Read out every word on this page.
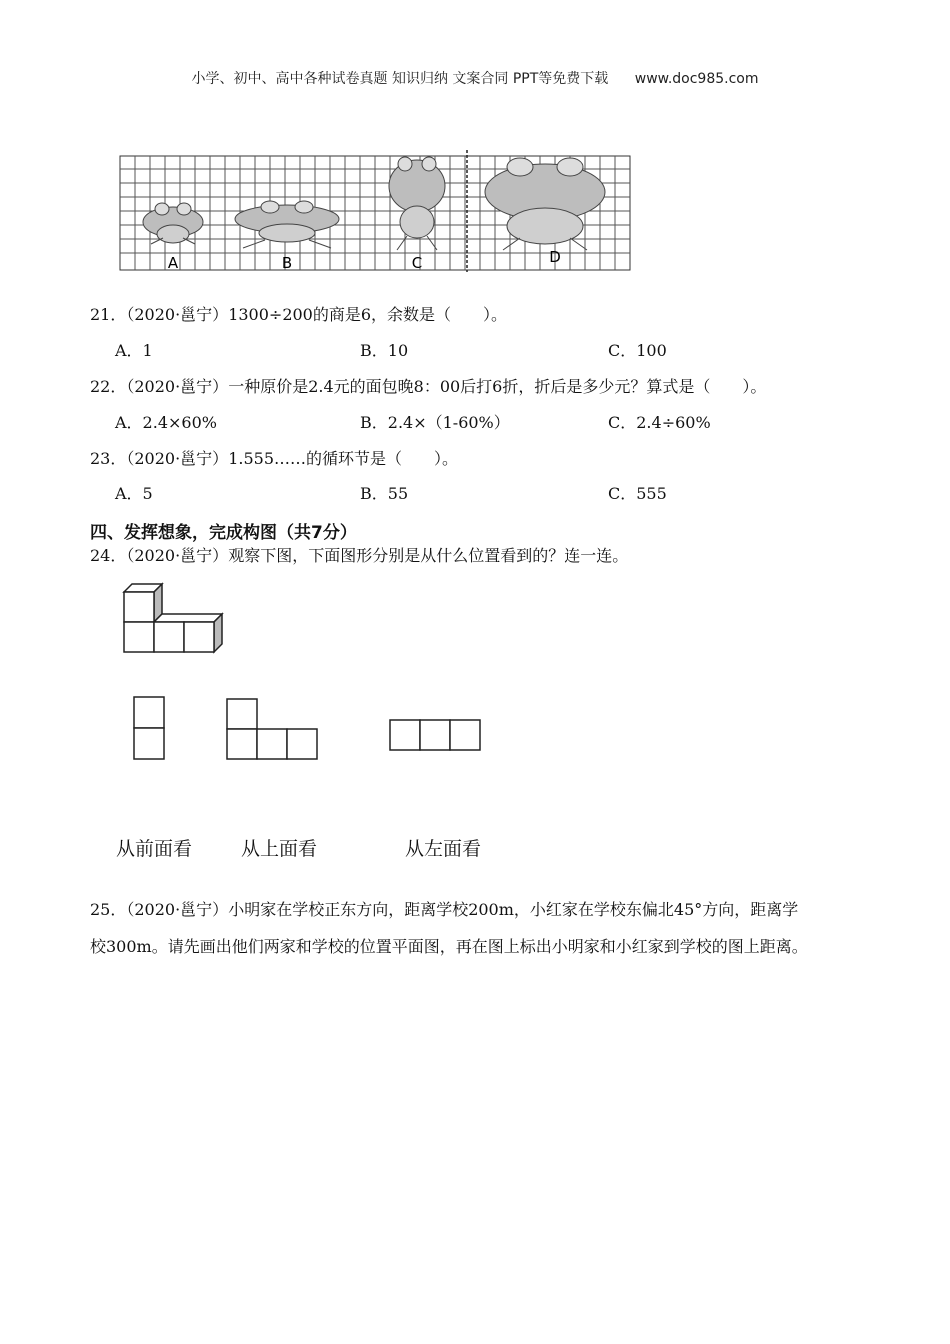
小学、初中、高中各种试卷真题 知识归纳 文案合同 PPT等免费下载 www.doc985.com
A	B	C	D
21．（2020·邕宁）1300÷200的商是6，余数是（　　）。
A．1	B．10	C．100
22．（2020·邕宁）一种原价是2.4元的面包晚8：00后打6折，折后是多少元？算式是（　　）。
A．2.4×60%	B．2.4×（1-60%）	C．2.4÷60%
23．（2020·邕宁）1.555……的循环节是（　　）。
A．5	B．55	C．555
四、发挥想象，完成构图（共7分）
24．（2020·邕宁）观察下图，下面图形分别是从什么位置看到的？连一连。
从前面看	从上面看	从左面看
25．（2020·邕宁）小明家在学校正东方向，距离学校200m，小红家在学校东偏北45°方向，距离学
校300m。请先画出他们两家和学校的位置平面图，再在图上标出小明家和小红家到学校的图上距离。
